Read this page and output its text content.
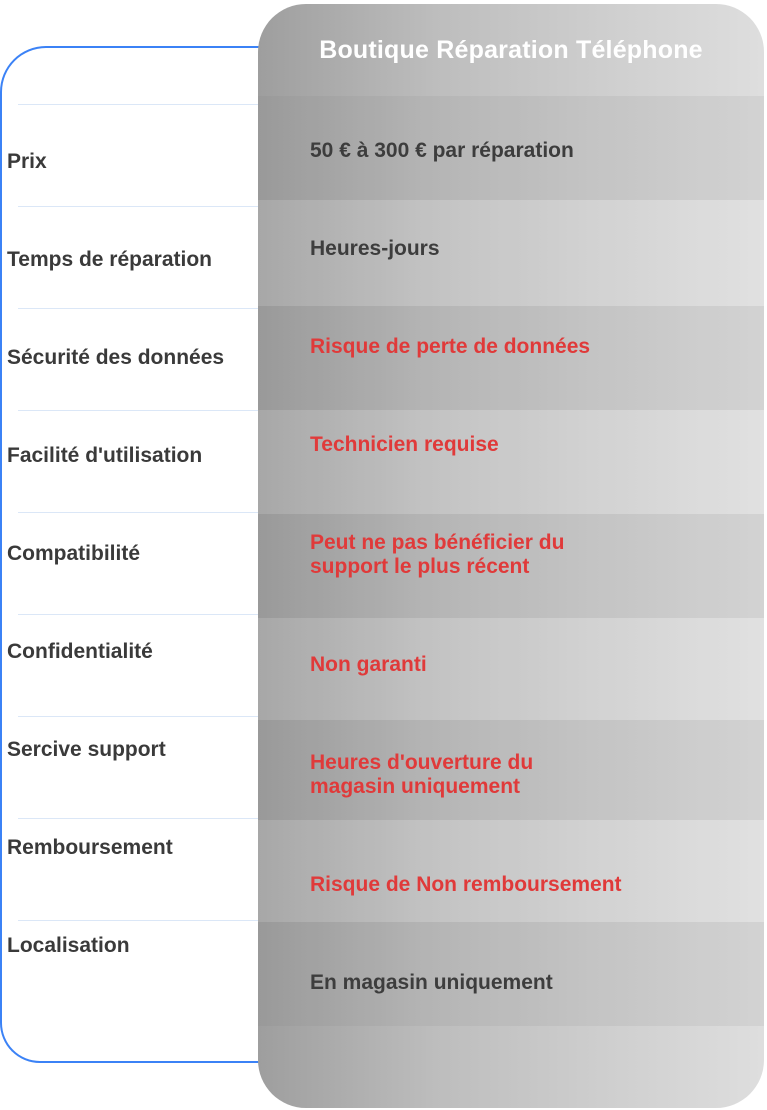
Prix
Temps de réparation
Sécurité des données
Facilité d'utilisation
Compatibilité
Confidentialité
Sercive support
Remboursement
Localisation
Boutique Réparation Téléphone
50 € à 300 € par réparation
Heures-jours
Risque de perte de données
Technicien requise
Peut ne pas bénéficier du support le plus récent
Non garanti
Heures d'ouverture du magasin uniquement
Risque de Non remboursement
En magasin uniquement
